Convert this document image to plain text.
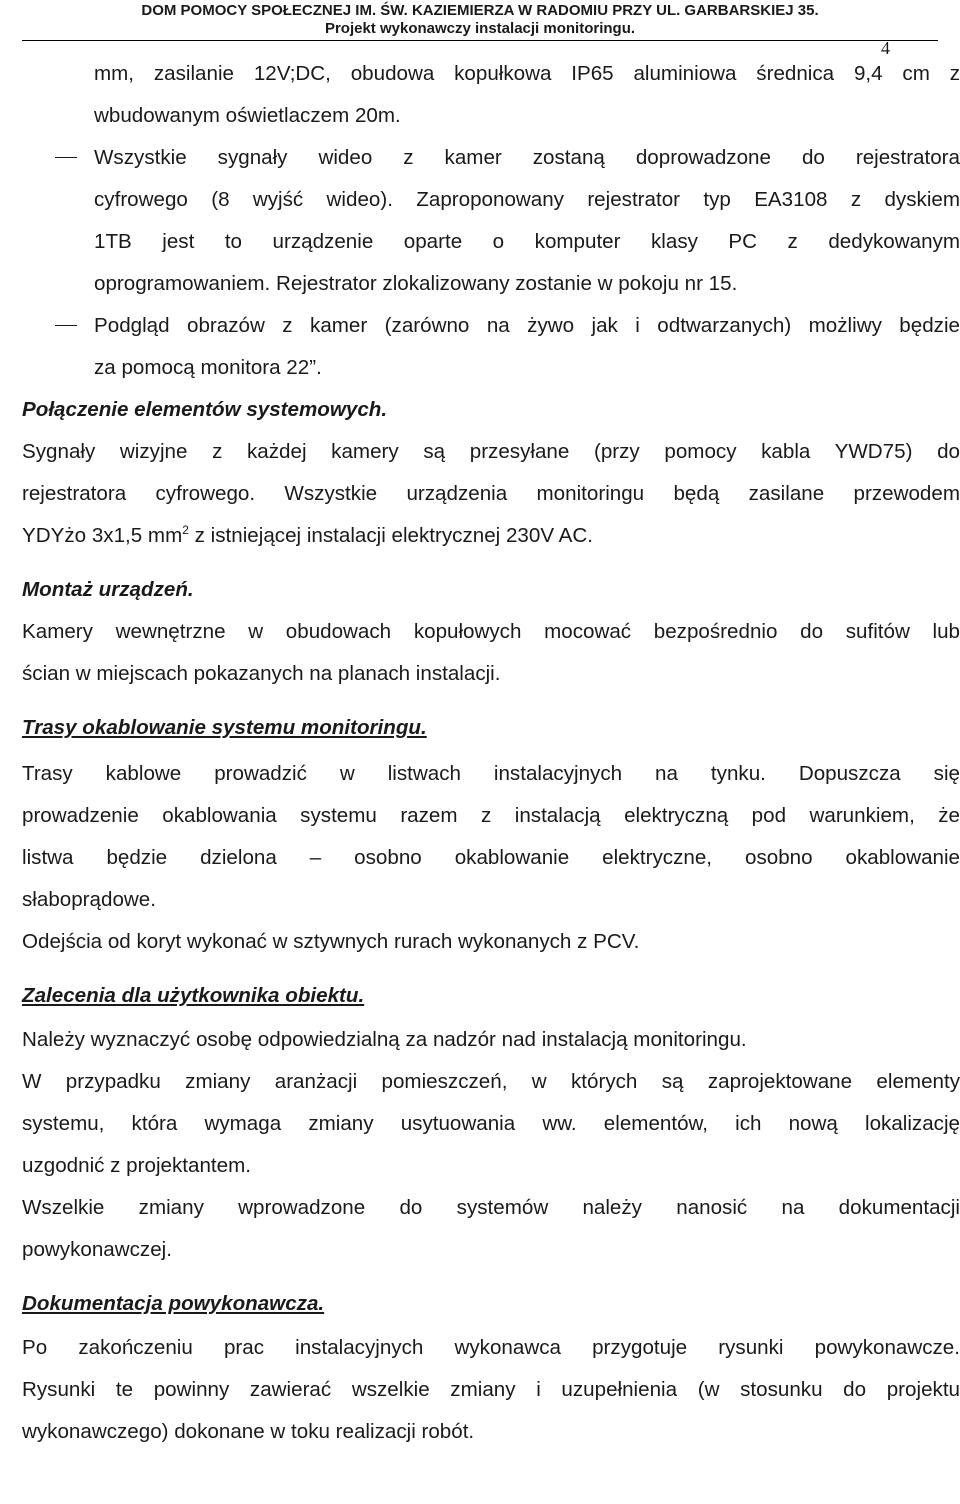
DOM POMOCY SPOŁECZNEJ IM. ŚW. KAZIEMIERZA W RADOMIU PRZY UL. GARBARSKIEJ 35.
Projekt wykonawczy instalacji monitoringu.
4
mm, zasilanie 12V;DC, obudowa kopułkowa IP65 aluminiowa średnica 9,4 cm z
wbudowanym oświetlaczem 20m.
Wszystkie sygnały wideo z kamer zostaną doprowadzone do rejestratora
cyfrowego (8 wyjść wideo). Zaproponowany rejestrator typ EA3108 z dyskiem
1TB jest to urządzenie oparte o komputer klasy PC z dedykowanym
oprogramowaniem. Rejestrator zlokalizowany zostanie w pokoju nr 15.
Podgląd obrazów z kamer (zarówno na żywo jak i odtwarzanych) możliwy będzie
za pomocą monitora 22”.
Połączenie elementów systemowych.
Sygnały wizyjne z każdej kamery są przesyłane (przy pomocy kabla YWD75) do
rejestratora cyfrowego. Wszystkie urządzenia monitoringu będą zasilane przewodem
YDYżo 3x1,5 $mm^2$ z istniejącej instalacji elektrycznej 230V AC.
Montaż urządzeń.
Kamery wewnętrzne w obudowach kopułowych mocować bezpośrednio do sufitów lub
ścian w miejscach pokazanych na planach instalacji.
Trasy okablowanie systemu monitoringu.
Trasy kablowe prowadzić w listwach instalacyjnych na tynku. Dopuszcza się
prowadzenie okablowania systemu razem z instalacją elektryczną pod warunkiem, że
listwa będzie dzielona – osobno okablowanie elektryczne, osobno okablowanie
słaboprądowe.
Odejścia od koryt wykonać w sztywnych rurach wykonanych z PCV.
Zalecenia dla użytkownika obiektu.
Należy wyznaczyć osobę odpowiedzialną za nadzór nad instalacją monitoringu.
W przypadku zmiany aranżacji pomieszczeń, w których są zaprojektowane elementy
systemu, która wymaga zmiany usytuowania ww. elementów, ich nową lokalizację
uzgodnić z projektantem.
Wszelkie zmiany wprowadzone do systemów należy nanosić na dokumentacji
powykonawczej.
Dokumentacja powykonawcza.
Po zakończeniu prac instalacyjnych wykonawca przygotuje rysunki powykonawcze.
Rysunki te powinny zawierać wszelkie zmiany i uzupełnienia (w stosunku do projektu
wykonawczego) dokonane w toku realizacji robót.
